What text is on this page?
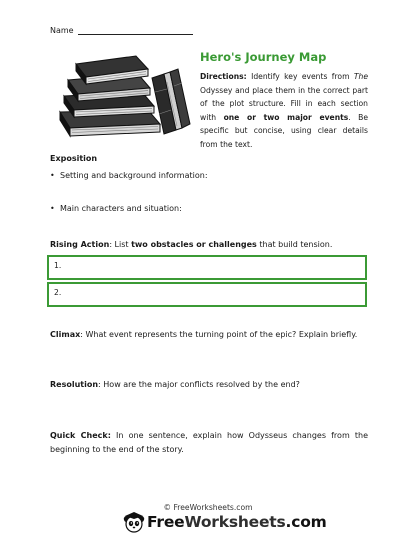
Name
Hero's Journey Map
Directions: Identify key events from The Odyssey and place them in the correct part of the plot structure. Fill in each section with one or two major events. Be specific but concise, using clear details from the text.
Exposition
• Setting and background information:
• Main characters and situation:
Rising Action: List two obstacles or challenges that build tension.
1.
2.
Climax: What event represents the turning point of the epic? Explain briefly.
Resolution: How are the major conflicts resolved by the end?
Quick Check: In one sentence, explain how Odysseus changes from the beginning to the end of the story.
© FreeWorksheets.com
FreeWorksheets.com
